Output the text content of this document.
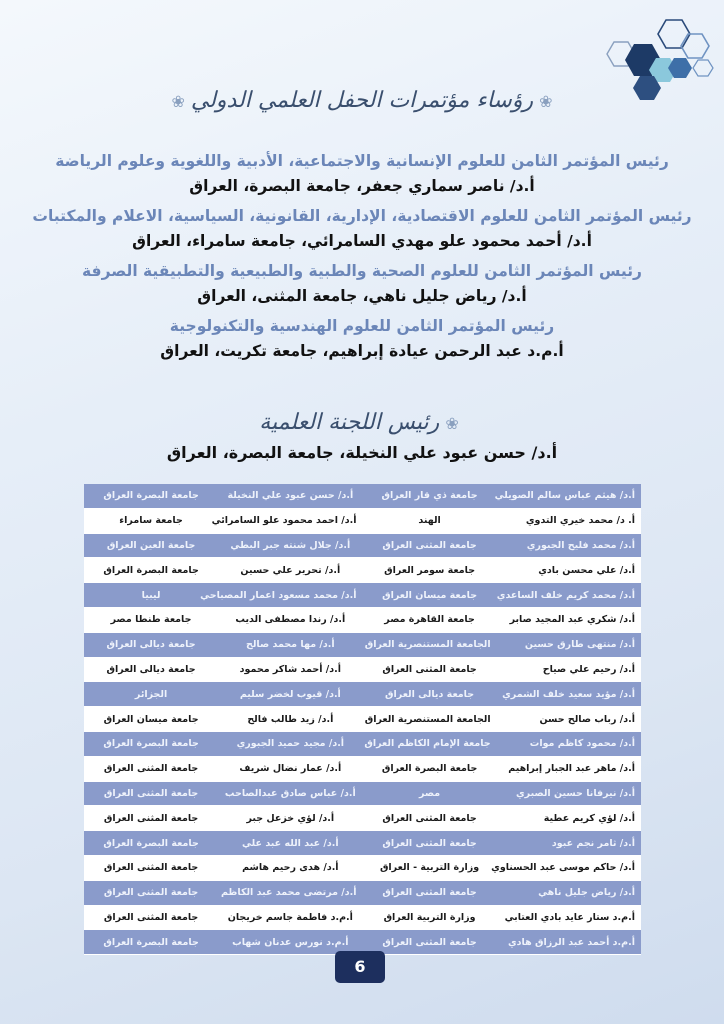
❀رؤساء مؤتمرات الحفل العلمي الدولي❀

رئيس المؤتمر الثامن للعلوم الإنسانية والاجتماعية، الأدبية واللغوية وعلوم الرياضة

أ.د/ ناصر سماري جعفر، جامعة البصرة، العراق

رئيس المؤتمر الثامن للعلوم الاقتصادية، الإدارية، القانونية، السياسية، الاعلام والمكتبات

أ.د/ أحمد محمود علو مهدي السامرائي، جامعة سامراء، العراق

رئيس المؤتمر الثامن للعلوم الصحية والطبية والطبيعية والتطبيقية الصرفة

أ.د/ رياض جليل ناهي، جامعة المثنى، العراق

رئيس المؤتمر الثامن للعلوم الهندسية والتكنولوجية

أ.م.د عبد الرحمن عيادة إبراهيم، جامعة تكريت، العراق

❀رئيس اللجنة العلمية
أ.د/ حسن عبود علي النخيلة، جامعة البصرة، العراق
أ.د/ هيثم عباس سالم الصويلي	جامعة ذي قار العراق	أ.د/ حسن عبود علي النخيلة	جامعة البصرة العراق
أ. د/ محمد خيري التدوي	الهند	أ.د/ احمد محمود علو السامرائي	جامعة سامراء
أ.د/ محمد فليح الجبوري	جامعة المثنى العراق	أ.د/ جلال شنته جبر البطي	جامعة العين العراق
أ.د/ علي محسن بادي	جامعة سومر العراق	أ.د/ تحرير علي حسين	جامعة البصرة العراق
أ.د/ محمد كريم خلف الساعدي	جامعة ميسان العراق	أ.د/ محمد مسعود اعمار المصباحي	ليبيا
أ.د/ شكري عبد المجيد صابر	جامعة القاهرة مصر	أ.د/ رندا مصطفى الديب	جامعة طنطا مصر
أ.د/ منتهى طارق حسين	الجامعة المستنصرية العراق	أ.د/ مها محمد صالح	جامعة ديالى العراق
أ.د/ رحيم علي صياح	جامعة المثنى العراق	أ.د/ أحمد شاكر محمود	جامعة ديالى العراق
أ.د/ مؤيد سعيد خلف الشمري	جامعة ديالى العراق	أ.د/ قيوب لخضر سليم	الجزائر
أ.د/ رباب صالح حسن	الجامعة المستنصرية العراق	أ.د/ زيد طالب فالح	جامعة ميسان العراق
أ.د/ محمود كاظم موات	جامعة الإمام الكاظم العراق	أ.د/ مجيد حميد الجبوري	جامعة البصرة العراق
أ.د/ ماهر عبد الجبار إبراهيم	جامعة البصرة العراق	أ.د/ عمار نضال شريف	جامعة المثنى العراق
أ.د/ نيرفانا حسين الصبري	مصر	أ.د/ عباس صادق عبدالصاحب	جامعة المثنى العراق
أ.د/ لؤي كريم عطية	جامعة المثنى العراق	أ.د/ لؤي خزعل جبر	جامعة المثنى العراق
أ.د/ ثامر نجم عبود	جامعة المثنى العراق	أ.د/ عبد الله عبد علي	جامعة البصرة العراق
أ.د/ حاكم موسى عبد الحسناوي	وزارة التربية - العراق	أ.د/ هدى رحيم هاشم	جامعة المثنى العراق
أ.د/ رياض جليل ناهي	جامعة المثنى العراق	أ.د/ مرتضى محمد عبد الكاظم	جامعة المثنى العراق
أ.م.د ستار عايد بادي العتابي	وزارة التربية العراق	أ.م.د فاطمة جاسم خريجان	جامعة المثنى العراق
أ.م.د أحمد عبد الرزاق هادي	جامعة المثنى العراق	أ.م.د نورس عدنان شهاب	جامعة البصرة العراق
6
